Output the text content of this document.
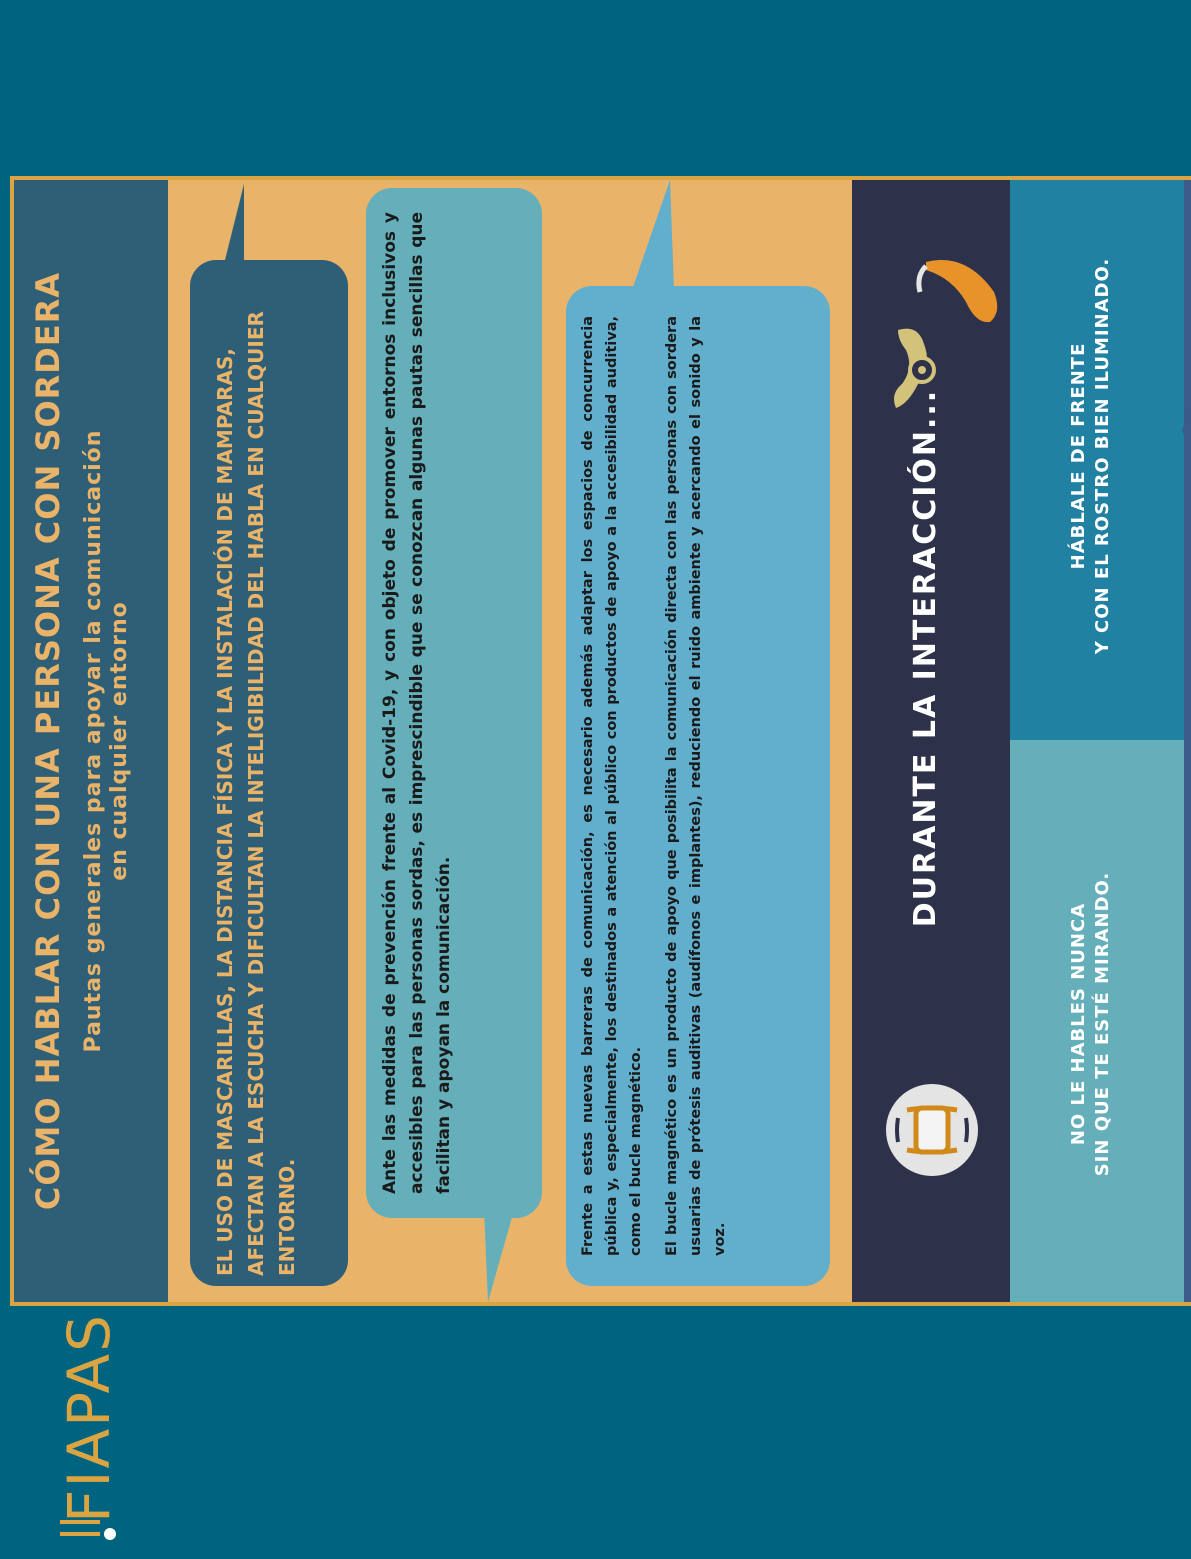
CÓMO HABLAR CON UNA PERSONA CON SORDERA Pautas generales para apoyar la comunicación en cualquier entorno	EL USO DE MASCARILLAS, LA DISTANCIA FÍSICA Y LA INSTALACIÓN DE MAMPARAS, AFECTAN A LA ESCUCHA Y DIFICULTAN LA INTELIGIBILIDAD DEL HABLA EN CUALQUIER ENTORNO.
Ante las medidas de prevención frente al Covid-19, y con objeto de promover entornos inclusivos y accesibles para las personas sordas, es imprescindible que se conozcan algunas pautas sencillas que facilitan y apoyan la comunicación.	Frente a estas nuevas barreras de comunicación, es necesario además adaptar los espacios de concurrencia pública y, especialmente, los destinados a atención al público con productos de apoyo a la accesibilidad auditiva, como el bucle magnético. El bucle magnético es un producto de apoyo que posibilita la comunicación directa con las personas con sordera usuarias de prótesis auditivas (audífonos e implantes), reduciendo el ruido ambiente y acercando el sonido y la voz.

DURANTE LA INTERACCIÓN...	HÁBLALE DE FRENTE Y CON EL ROSTRO BIEN ILUMINADO.
NO LE HABLES NUNCA SIN QUE TE ESTÉ MIRANDO.
FIAPAS
